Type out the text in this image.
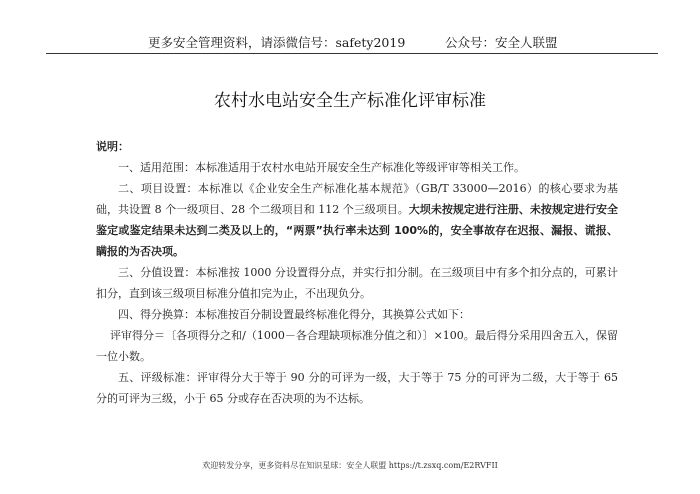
更多安全管理资料，请添微信号：safety2019	公众号：安全人联盟
农村水电站安全生产标准化评审标准

说明：

一、适用范围：本标准适用于农村水电站开展安全生产标准化等级评审等相关工作。

二、项目设置：本标准以《企业安全生产标准化基本规范》（GB/T 33000—2016）的核心要求为基础，共设置 8 个一级项目、28 个二级项目和 112 个三级项目。大坝未按规定进行注册、未按规定进行安全鉴定或鉴定结果未达到二类及以上的，“两票”执行率未达到 100%的，安全事故存在迟报、漏报、谎报、瞒报的为否决项。

三、分值设置：本标准按 1000 分设置得分点，并实行扣分制。在三级项目中有多个扣分点的，可累计扣分，直到该三级项目标准分值扣完为止，不出现负分。

四、得分换算：本标准按百分制设置最终标准化得分，其换算公式如下：

评审得分＝〔各项得分之和/（1000－各合理缺项标准分值之和）〕×100。最后得分采用四舍五入，保留一位小数。

五、评级标准：评审得分大于等于 90 分的可评为一级，大于等于 75 分的可评为二级，大于等于 65 分的可评为三级，小于 65 分或存在否决项的为不达标。

欢迎转发分享，更多资料尽在知识星球：安全人联盟 https://t.zsxq.com/E2RVFII
